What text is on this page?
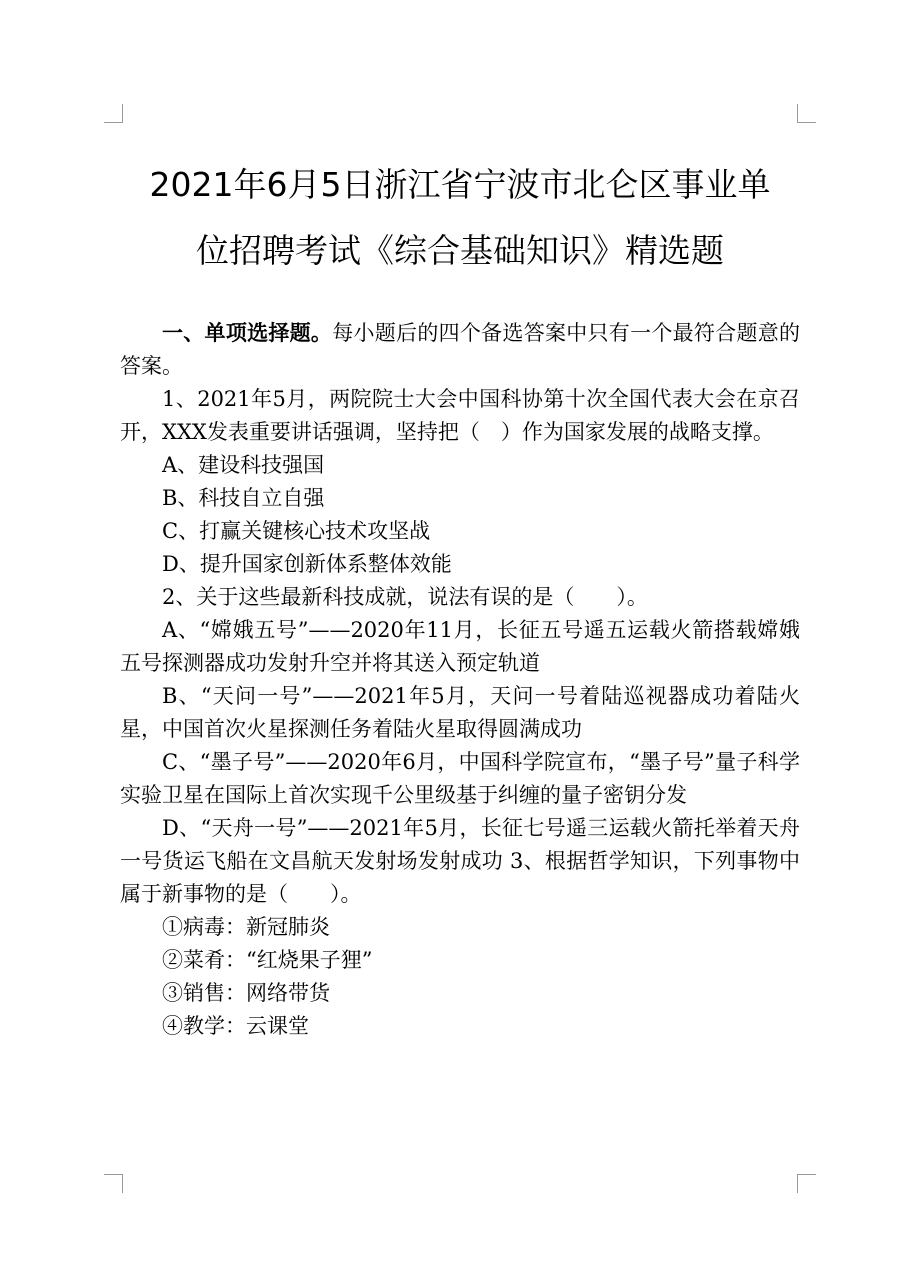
2021年6月5日浙江省宁波市北仑区事业单
位招聘考试《综合基础知识》精选题

一、单项选择题。每小题后的四个备选答案中只有一个最符合题意的答案。

1、2021年5月，两院院士大会中国科协第十次全国代表大会在京召开，XXX发表重要讲话强调，坚持把（　）作为国家发展的战略支撑。

A、建设科技强国

B、科技自立自强

C、打赢关键核心技术攻坚战

D、提升国家创新体系整体效能

2、关于这些最新科技成就，说法有误的是（　　）。

A、“嫦娥五号”——2020年11月，长征五号遥五运载火箭搭载嫦娥五号探测器成功发射升空并将其送入预定轨道

B、“天问一号”——2021年5月，天问一号着陆巡视器成功着陆火星，中国首次火星探测任务着陆火星取得圆满成功

C、“墨子号”——2020年6月，中国科学院宣布，“墨子号”量子科学实验卫星在国际上首次实现千公里级基于纠缠的量子密钥分发

D、“天舟一号”——2021年5月，长征七号遥三运载火箭托举着天舟一号货运飞船在文昌航天发射场发射成功 3、根据哲学知识，下列事物中属于新事物的是（　　）。

①病毒：新冠肺炎

②菜肴：“红烧果子狸”

③销售：网络带货

④教学：云课堂
